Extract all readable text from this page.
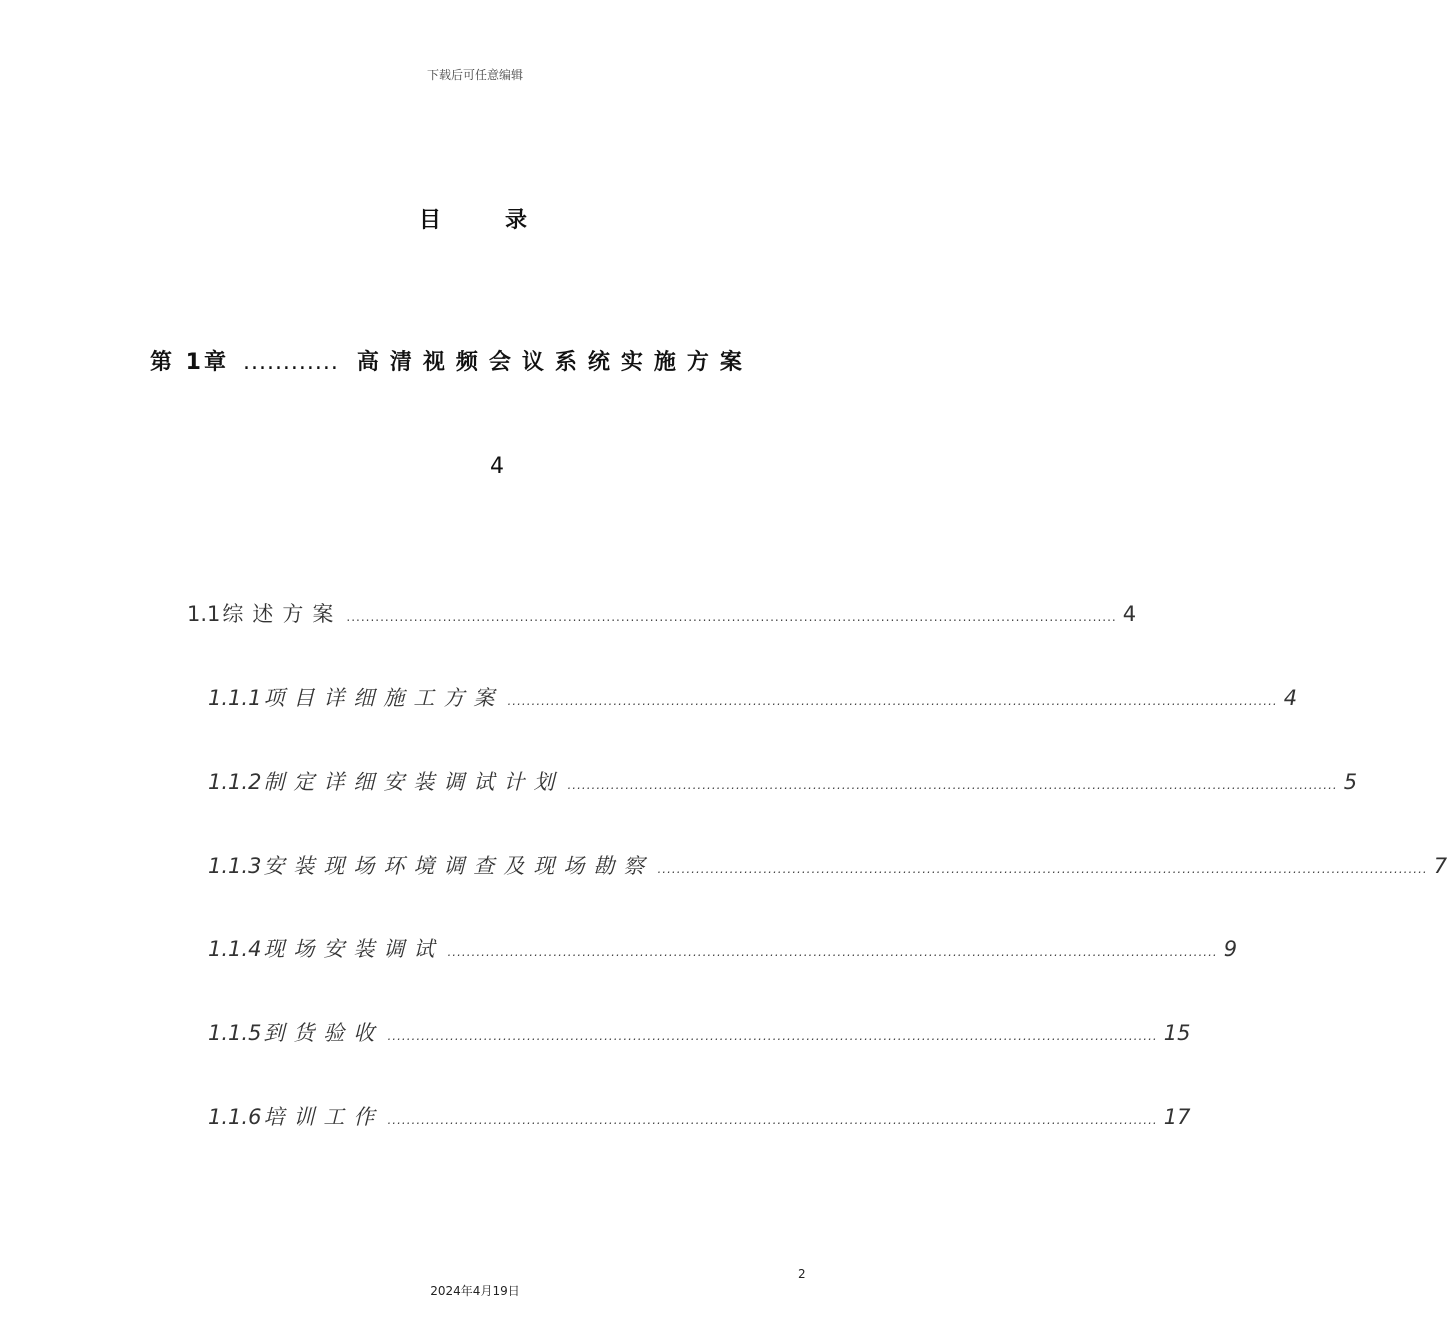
下载后可任意编辑
目	录
第 1章 ............ 高清视频会议系统实施方案
4
1.1 综述方案 ................................................................................................................................................................ 4
1.1.1 项目详细施工方案 ................................................................................................................................................................ 4
1.1.2 制定详细安装调试计划 ................................................................................................................................................................ 5
1.1.3 安装现场环境调查及现场勘察 ................................................................................................................................................................ 7
1.1.4 现场安装调试 ................................................................................................................................................................ 9
1.1.5 到货验收 ................................................................................................................................................................ 15
1.1.6 培训工作 ................................................................................................................................................................ 17
2
2024年4月19日
